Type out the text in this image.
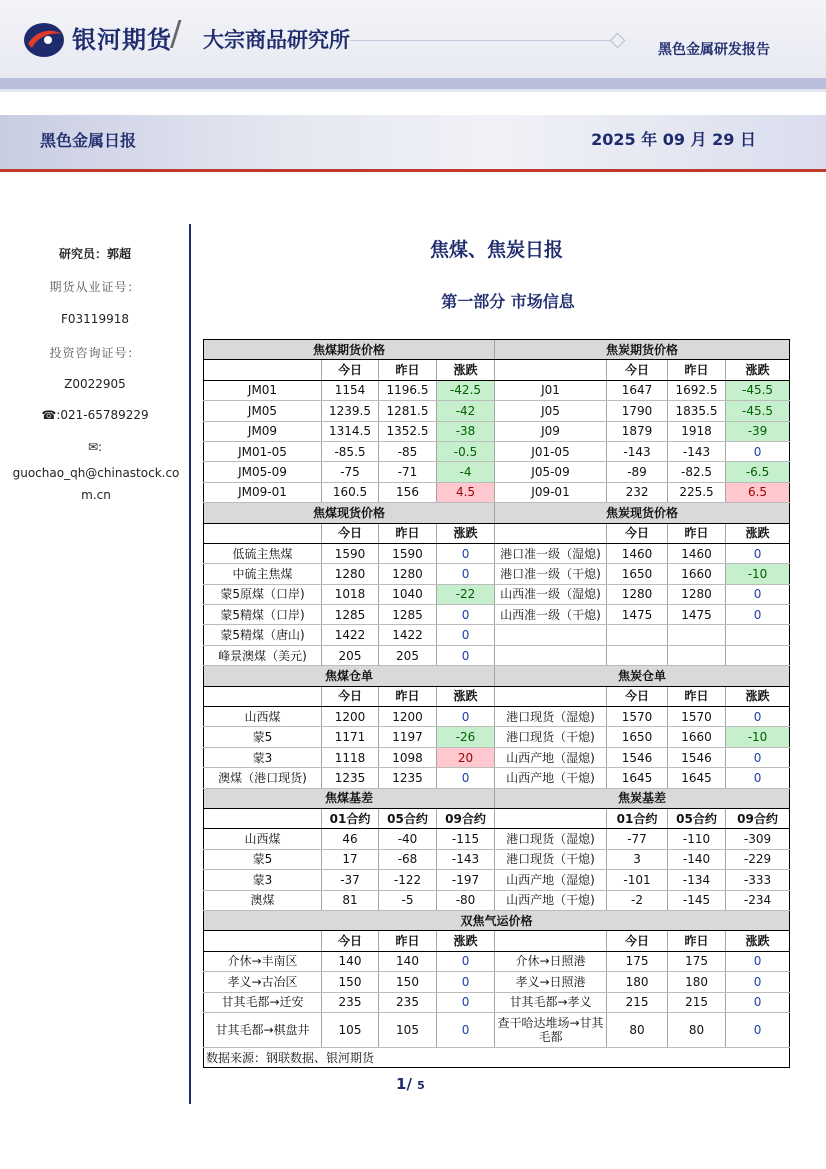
银河期货
/ 大宗商品研究所	黑色金属研发报告
黑色金属日报	2025 年 09 月 29 日
研究员：郭超
期货从业证号：
F03119918
投资咨询证号：
Z0022905
☎:021-65789229
✉:
guochao_qh@chinastock.com.cn
焦煤、焦炭日报
第一部分 市场信息
焦煤期货价格				焦炭期货价格			
	今日	昨日	涨跌		今日	昨日	涨跌
JM01	1154	1196.5	-42.5	J01	1647	1692.5	-45.5
JM05	1239.5	1281.5	-42	J05	1790	1835.5	-45.5
JM09	1314.5	1352.5	-38	J09	1879	1918	-39
JM01-05	-85.5	-85	-0.5	J01-05	-143	-143	0
JM05-09	-75	-71	-4	J05-09	-89	-82.5	-6.5
JM09-01	160.5	156	4.5	J09-01	232	225.5	6.5
焦煤现货价格				焦炭现货价格			
	今日	昨日	涨跌		今日	昨日	涨跌
低硫主焦煤	1590	1590	0	港口准一级（湿熄)	1460	1460	0
中硫主焦煤	1280	1280	0	港口准一级（干熄)	1650	1660	-10
蒙5原煤（口岸)	1018	1040	-22	山西准一级（湿熄)	1280	1280	0
蒙5精煤（口岸)	1285	1285	0	山西准一级（干熄)	1475	1475	0
蒙5精煤（唐山)	1422	1422	0				
峰景澳煤（美元)	205	205	0				
焦煤仓单				焦炭仓单			
	今日	昨日	涨跌		今日	昨日	涨跌
山西煤	1200	1200	0	港口现货（湿熄)	1570	1570	0
蒙5	1171	1197	-26	港口现货（干熄)	1650	1660	-10
蒙3	1118	1098	20	山西产地（湿熄)	1546	1546	0
澳煤（港口现货)	1235	1235	0	山西产地（干熄)	1645	1645	0
焦煤基差				焦炭基差			
	01合约	05合约	09合约		01合约	05合约	09合约
山西煤	46	-40	-115	港口现货（湿熄)	-77	-110	-309
蒙5	17	-68	-143	港口现货（干熄)	3	-140	-229
蒙3	-37	-122	-197	山西产地（湿熄)	-101	-134	-333
澳煤	81	-5	-80	山西产地（干熄)	-2	-145	-234
双焦气运价格							
	今日	昨日	涨跌		今日	昨日	涨跌
介休→丰南区	140	140	0	介休→日照港	175	175	0
孝义→古冶区	150	150	0	孝义→日照港	180	180	0
甘其毛都→迁安	235	235	0	甘其毛都→孝义	215	215	0
甘其毛都→棋盘井	105	105	0	查干哈达堆场→甘其毛都	80	80	0
数据来源：钢联数据、银河期货							
1/ 5
